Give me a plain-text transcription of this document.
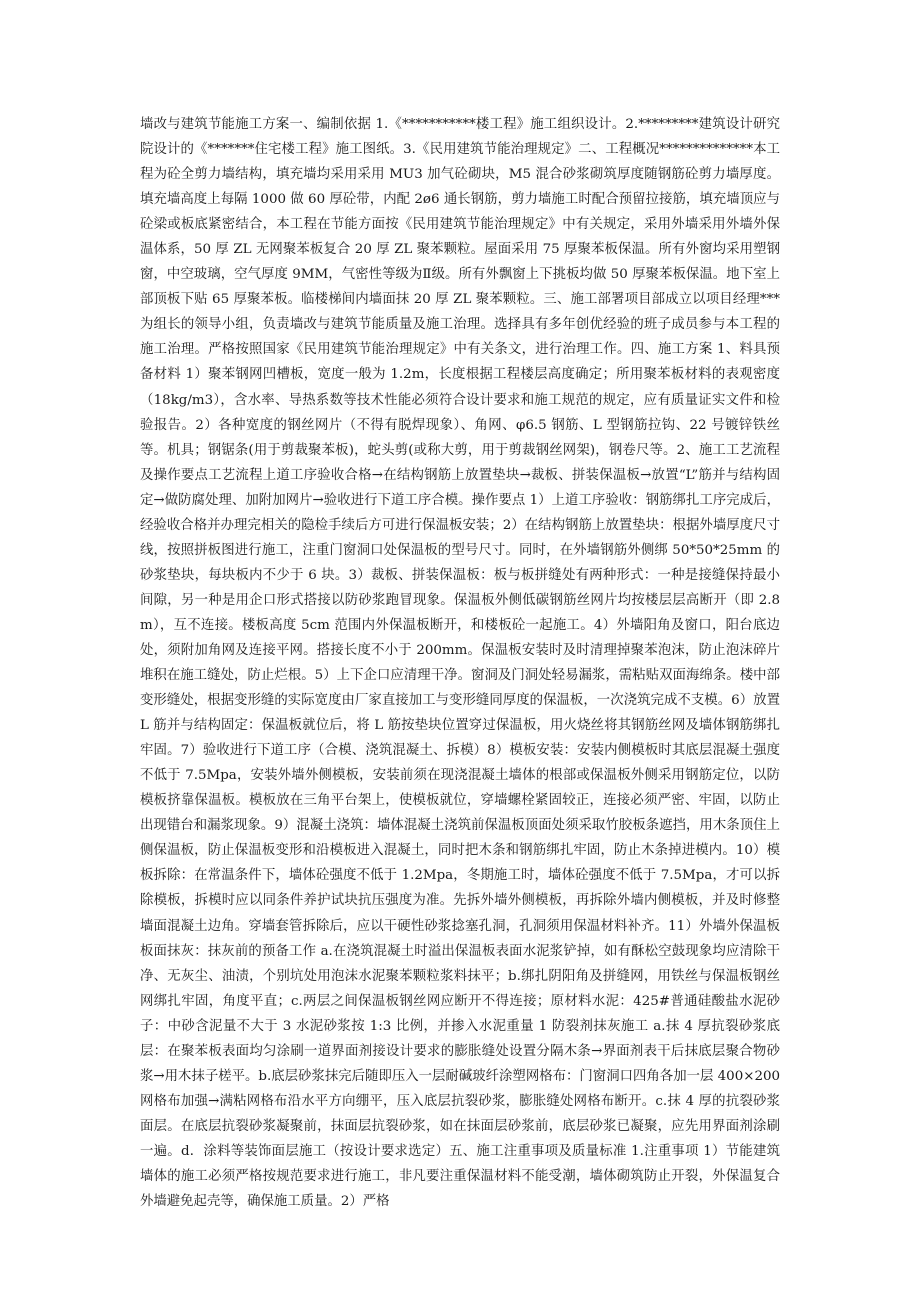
墙改与建筑节能施工方案一、编制依据 1.《***********楼工程》施工组织设计。2.*********建筑设计研究院设计的《*******住宅楼工程》施工图纸。3.《民用建筑节能治理规定》二、工程概况**************本工程为砼全剪力墙结构，填充墙均采用采用 MU3 加气砼砌块，M5 混合砂浆砌筑厚度随钢筋砼剪力墙厚度。填充墙高度上每隔 1000 做 60 厚砼带，内配 2ø6 通长钢筋，剪力墙施工时配合预留拉接筋，填充墙顶应与砼梁或板底紧密结合，本工程在节能方面按《民用建筑节能治理规定》中有关规定，采用外墙采用外墙外保温体系，50 厚 ZL 无网聚苯板复合 20 厚 ZL 聚苯颗粒。屋面采用 75 厚聚苯板保温。所有外窗均采用塑钢窗，中空玻璃，空气厚度 9MM，气密性等级为Ⅱ级。所有外飘窗上下挑板均做 50 厚聚苯板保温。地下室上部顶板下贴 65 厚聚苯板。临楼梯间内墙面抹 20 厚 ZL 聚苯颗粒。三、施工部署项目部成立以项目经理***为组长的领导小组，负责墙改与建筑节能质量及施工治理。选择具有多年创优经验的班子成员参与本工程的施工治理。严格按照国家《民用建筑节能治理规定》中有关条文，进行治理工作。四、施工方案 1、料具预备材料 1）聚苯钢网凹槽板，宽度一般为 1.2m，长度根据工程楼层高度确定；所用聚苯板材料的表观密度（18kg/m3），含水率、导热系数等技术性能必须符合设计要求和施工规范的规定，应有质量证实文件和检验报告。2）各种宽度的钢丝网片（不得有脱焊现象）、角网、φ6.5 钢筋、L 型钢筋拉钩、22 号镀锌铁丝等。机具；钢锯条(用于剪裁聚苯板)，蛇头剪(或称大剪，用于剪裁钢丝网架)，钢卷尺等。2、施工工艺流程及操作要点工艺流程上道工序验收合格→在结构钢筋上放置垫块→裁板、拼装保温板→放置“L”筋并与结构固定→做防腐处理、加附加网片→验收进行下道工序合模。操作要点 1）上道工序验收：钢筋绑扎工序完成后，经验收合格并办理完相关的隐检手续后方可进行保温板安装；2）在结构钢筋上放置垫块：根据外墙厚度尺寸线，按照拼板图进行施工，注重门窗洞口处保温板的型号尺寸。同时，在外墙钢筋外侧绑 50*50*25mm 的砂浆垫块，每块板内不少于 6 块。3）裁板、拼装保温板：板与板拼缝处有两种形式：一种是接缝保持最小间隙，另一种是用企口形式搭接以防砂浆跑冒现象。保温板外侧低碳钢筋丝网片均按楼层层高断开（即 2.8m），互不连接。楼板高度 5cm 范围内外保温板断开，和楼板砼一起施工。4）外墙阳角及窗口，阳台底边处，须附加角网及连接平网。搭接长度不小于 200mm。保温板安装时及时清理掉聚苯泡沫，防止泡沫碎片堆积在施工缝处，防止烂根。5）上下企口应清理干净。窗洞及门洞处轻易漏浆，需粘贴双面海绵条。楼中部变形缝处，根据变形缝的实际宽度由厂家直接加工与变形缝同厚度的保温板，一次浇筑完成不支模。6）放置 L 筋并与结构固定：保温板就位后，将 L 筋按垫块位置穿过保温板，用火烧丝将其钢筋丝网及墙体钢筋绑扎牢固。7）验收进行下道工序（合模、浇筑混凝土、拆模）8）模板安装：安装内侧模板时其底层混凝土强度不低于 7.5Mpa，安装外墙外侧模板，安装前须在现浇混凝土墙体的根部或保温板外侧采用钢筋定位，以防模板挤靠保温板。模板放在三角平台架上，使模板就位，穿墙螺栓紧固较正，连接必须严密、牢固，以防止出现错台和漏浆现象。9）混凝土浇筑：墙体混凝土浇筑前保温板顶面处须采取竹胶板条遮挡，用木条顶住上侧保温板，防止保温板变形和沿模板进入混凝土，同时把木条和钢筋绑扎牢固，防止木条掉进模内。10）模板拆除：在常温条件下，墙体砼强度不低于 1.2Mpa，冬期施工时，墙体砼强度不低于 7.5Mpa，才可以拆除模板，拆模时应以同条件养护试块抗压强度为准。先拆外墙外侧模板，再拆除外墙内侧模板，并及时修整墙面混凝土边角。穿墙套管拆除后，应以干硬性砂浆捻塞孔洞，孔洞须用保温材料补齐。11）外墙外保温板板面抹灰：抹灰前的预备工作 a.在浇筑混凝土时溢出保温板表面水泥浆铲掉，如有酥松空鼓现象均应清除干净、无灰尘、油渍，个别坑处用泡沫水泥聚苯颗粒浆料抹平；b.绑扎阴阳角及拼缝网，用铁丝与保温板钢丝网绑扎牢固，角度平直；c.两层之间保温板钢丝网应断开不得连接；原材料水泥：425#普通硅酸盐水泥砂子：中砂含泥量不大于 3 水泥砂浆按 1:3 比例，并掺入水泥重量 1 防裂剂抹灰施工 a.抹 4 厚抗裂砂浆底层：在聚苯板表面均匀涂刷一道界面剂接设计要求的膨胀缝处设置分隔木条→界面剂表干后抹底层聚合物砂浆→用木抹子槎平。b.底层砂浆抹完后随即压入一层耐碱玻纤涂塑网格布：门窗洞口四角各加一层 400×200 网格布加强→满粘网格布沿水平方向绷平，压入底层抗裂砂浆，膨胀缝处网格布断开。c.抹 4 厚的抗裂砂浆面层。在底层抗裂砂浆凝聚前，抹面层抗裂砂浆，如在抹面层砂浆前，底层砂浆已凝聚，应先用界面剂涂刷一遍。d．涂料等装饰面层施工（按设计要求选定）五、施工注重事项及质量标准 1.注重事项 1）节能建筑墙体的施工必须严格按规范要求进行施工，非凡要注重保温材料不能受潮，墙体砌筑防止开裂，外保温复合外墙避免起壳等，确保施工质量。2）严格
